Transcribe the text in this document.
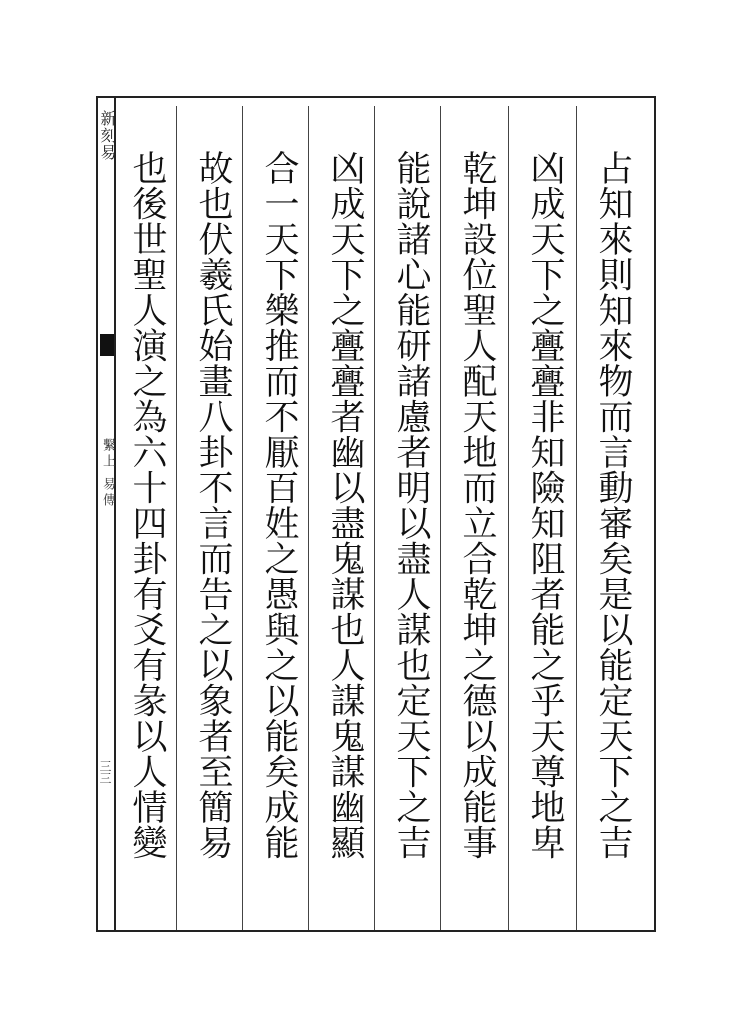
新刻易
繫上 易傳
三三	占知來則知來物而言動審矣是以能定天下之吉
凶成天下之亹亹非知險知阻者能之乎天尊地卑
乾坤設位聖人配天地而立合乾坤之德以成能事
能說諸心能研諸慮者明以盡人謀也定天下之吉
凶成天下之亹亹者幽以盡鬼謀也人謀鬼謀幽顯
合一天下樂推而不厭百姓之愚與之以能矣成能
故也伏羲氏始畫八卦不言而告之以象者至簡易
也後世聖人演之為六十四卦有爻有彖以人情變
